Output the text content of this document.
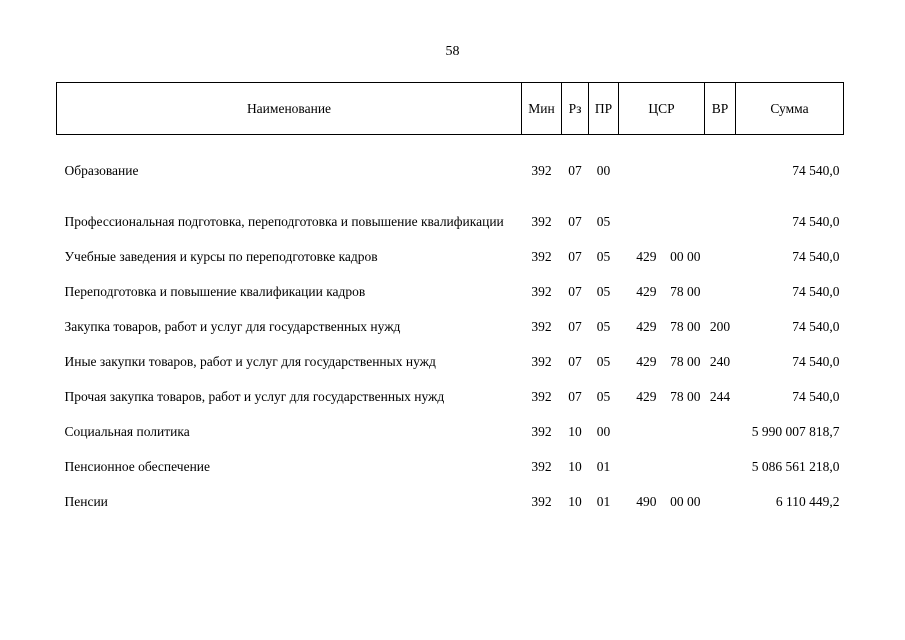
58
Наименование	Мин	Рз	ПР	ЦСР	ВР	Сумма

Образование	392	07	00			74 540,0

Профессиональная подготовка, переподготовка и повышение квалификации	392	07	05			74 540,0

Учебные заведения и курсы по переподготовке кадров	392	07	05	429 00 00		74 540,0

Переподготовка и повышение квалификации кадров	392	07	05	429 78 00		74 540,0

Закупка товаров, работ и услуг для государственных нужд	392	07	05	429 78 00	200	74 540,0

Иные закупки товаров, работ и услуг для государственных нужд	392	07	05	429 78 00	240	74 540,0

Прочая закупка товаров, работ и услуг для государственных нужд	392	07	05	429 78 00	244	74 540,0

Социальная политика	392	10	00			5 990 007 818,7

Пенсионное обеспечение	392	10	01			5 086 561 218,0

Пенсии	392	10	01	490 00 00		6 110 449,2
